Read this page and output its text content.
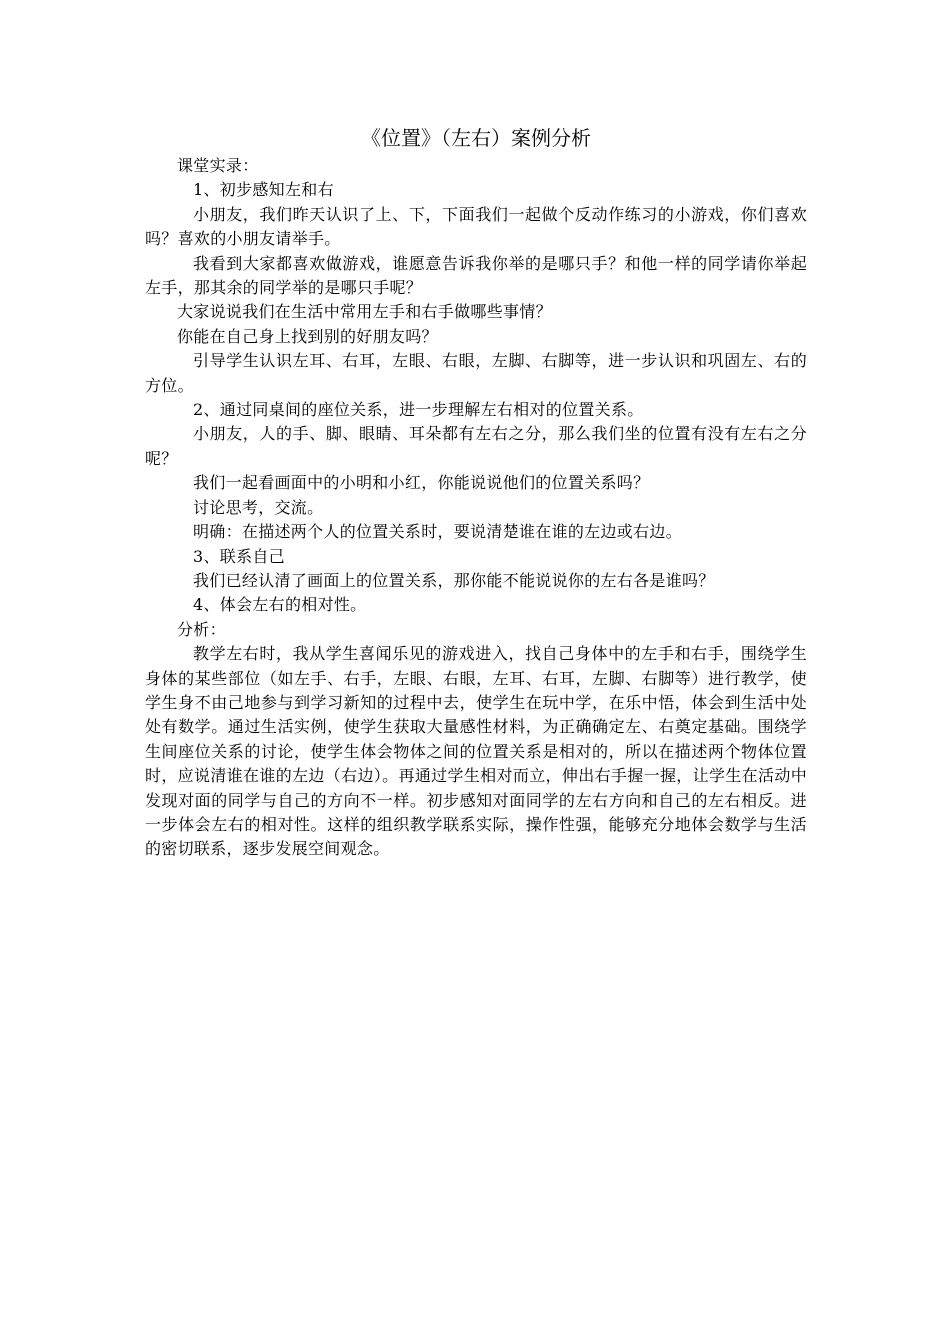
《位置》（左右）案例分析

课堂实录：

1、初步感知左和右

小朋友，我们昨天认识了上、下，下面我们一起做个反动作练习的小游戏，你们喜欢吗？喜欢的小朋友请举手。

我看到大家都喜欢做游戏，谁愿意告诉我你举的是哪只手？和他一样的同学请你举起左手，那其余的同学举的是哪只手呢？

大家说说我们在生活中常用左手和右手做哪些事情？

你能在自己身上找到别的好朋友吗？

引导学生认识左耳、右耳，左眼、右眼，左脚、右脚等，进一步认识和巩固左、右的方位。

2、通过同桌间的座位关系，进一步理解左右相对的位置关系。

小朋友，人的手、脚、眼睛、耳朵都有左右之分，那么我们坐的位置有没有左右之分呢？

我们一起看画面中的小明和小红，你能说说他们的位置关系吗？

讨论思考，交流。

明确：在描述两个人的位置关系时，要说清楚谁在谁的左边或右边。

3、联系自己

我们已经认清了画面上的位置关系，那你能不能说说你的左右各是谁吗？

4、体会左右的相对性。

分析：

教学左右时，我从学生喜闻乐见的游戏进入，找自己身体中的左手和右手，围绕学生身体的某些部位（如左手、右手，左眼、右眼，左耳、右耳，左脚、右脚等）进行教学，使学生身不由己地参与到学习新知的过程中去，使学生在玩中学，在乐中悟，体会到生活中处处有数学。通过生活实例，使学生获取大量感性材料，为正确确定左、右奠定基础。围绕学生间座位关系的讨论，使学生体会物体之间的位置关系是相对的，所以在描述两个物体位置时，应说清谁在谁的左边（右边）。再通过学生相对而立，伸出右手握一握，让学生在活动中发现对面的同学与自己的方向不一样。初步感知对面同学的左右方向和自己的左右相反。进一步体会左右的相对性。这样的组织教学联系实际，操作性强，能够充分地体会数学与生活的密切联系，逐步发展空间观念。
